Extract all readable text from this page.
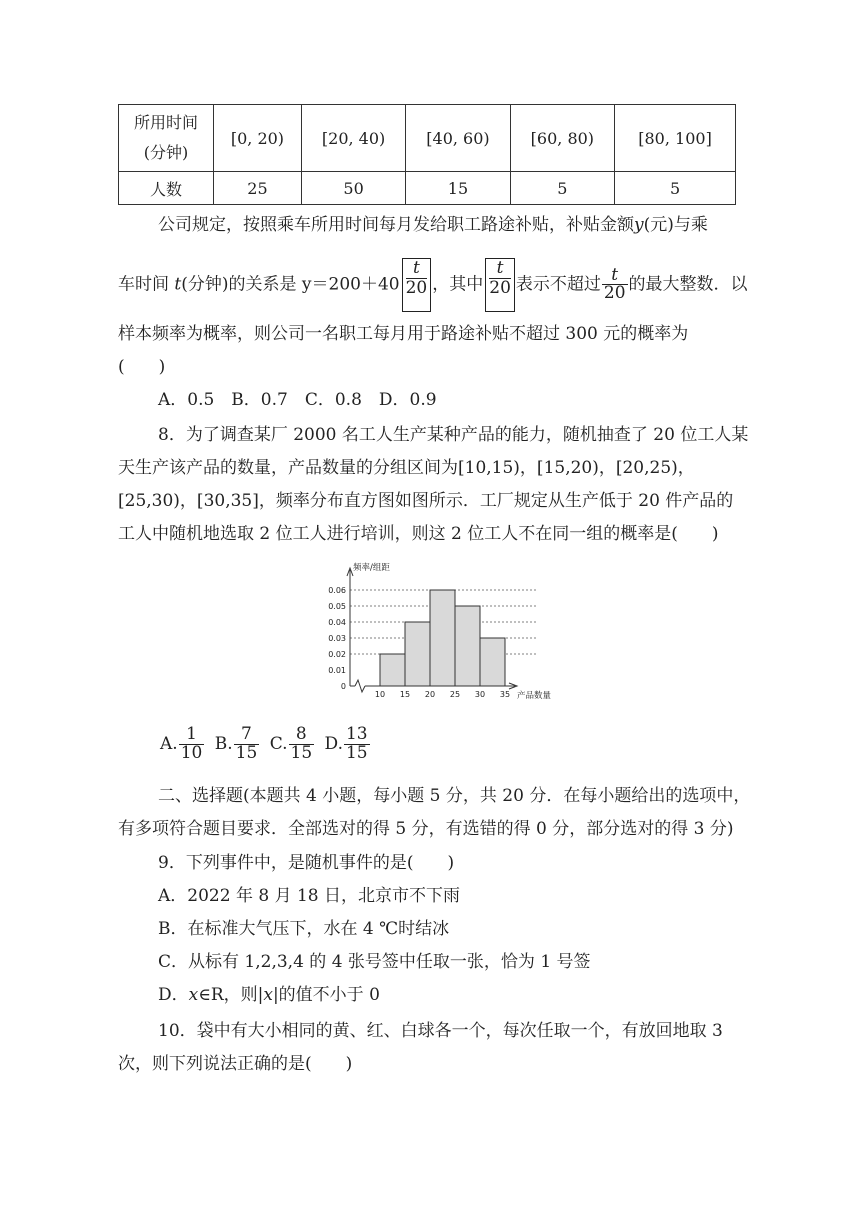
所用时间
(分钟)	[0, 20)	[20, 40)	[40, 60)	[60, 80)	[80, 100]
人数	25	50	15	5	5
公司规定，按照乘车所用时间每月发给职工路途补贴，补贴金额y(元)与乘
车时间 t(分钟)的关系是 $y=200+40 \frac{t}{20}$ ，其中 $\frac{t}{20}$ 表示不超过 $\frac{t}{20}$ 的最大整数．以
样本频率为概率，则公司一名职工每月用于路途补贴不超过 300 元的概率为
(　　)
A．0.5　B．0.7　C．0.8　D．0.9
8．为了调查某厂 2000 名工人生产某种产品的能力，随机抽查了 20 位工人某
天生产该产品的数量，产品数量的分组区间为[10,15)，[15,20)，[20,25)，
[25,30)，[30,35]，频率分布直方图如图所示．工厂规定从生产低于 20 件产品的
工人中随机地选取 2 位工人进行培训，则这 2 位工人不在同一组的概率是(　　)
0
0.01
0.02
0.03
0.04
0.05
0.06
10 15 20 25 30 35
频率/组距
产品数量
A. $\frac{1}{10} B$. $\frac{7}{15} C$. $\frac{8}{15} D$. $\frac{13}{15}$
二、选择题(本题共 4 小题，每小题 5 分，共 20 分．在每小题给出的选项中，
有多项符合题目要求．全部选对的得 5 分，有选错的得 0 分，部分选对的得 3 分)
9．下列事件中，是随机事件的是(　　)
A．2022 年 8 月 18 日，北京市不下雨
B．在标准大气压下，水在 4 ℃时结冰
C．从标有 1,2,3,4 的 4 张号签中任取一张，恰为 1 号签
D．x∈R，则|x|的值不小于 0
10．袋中有大小相同的黄、红、白球各一个，每次任取一个，有放回地取 3
次，则下列说法正确的是(　　)
